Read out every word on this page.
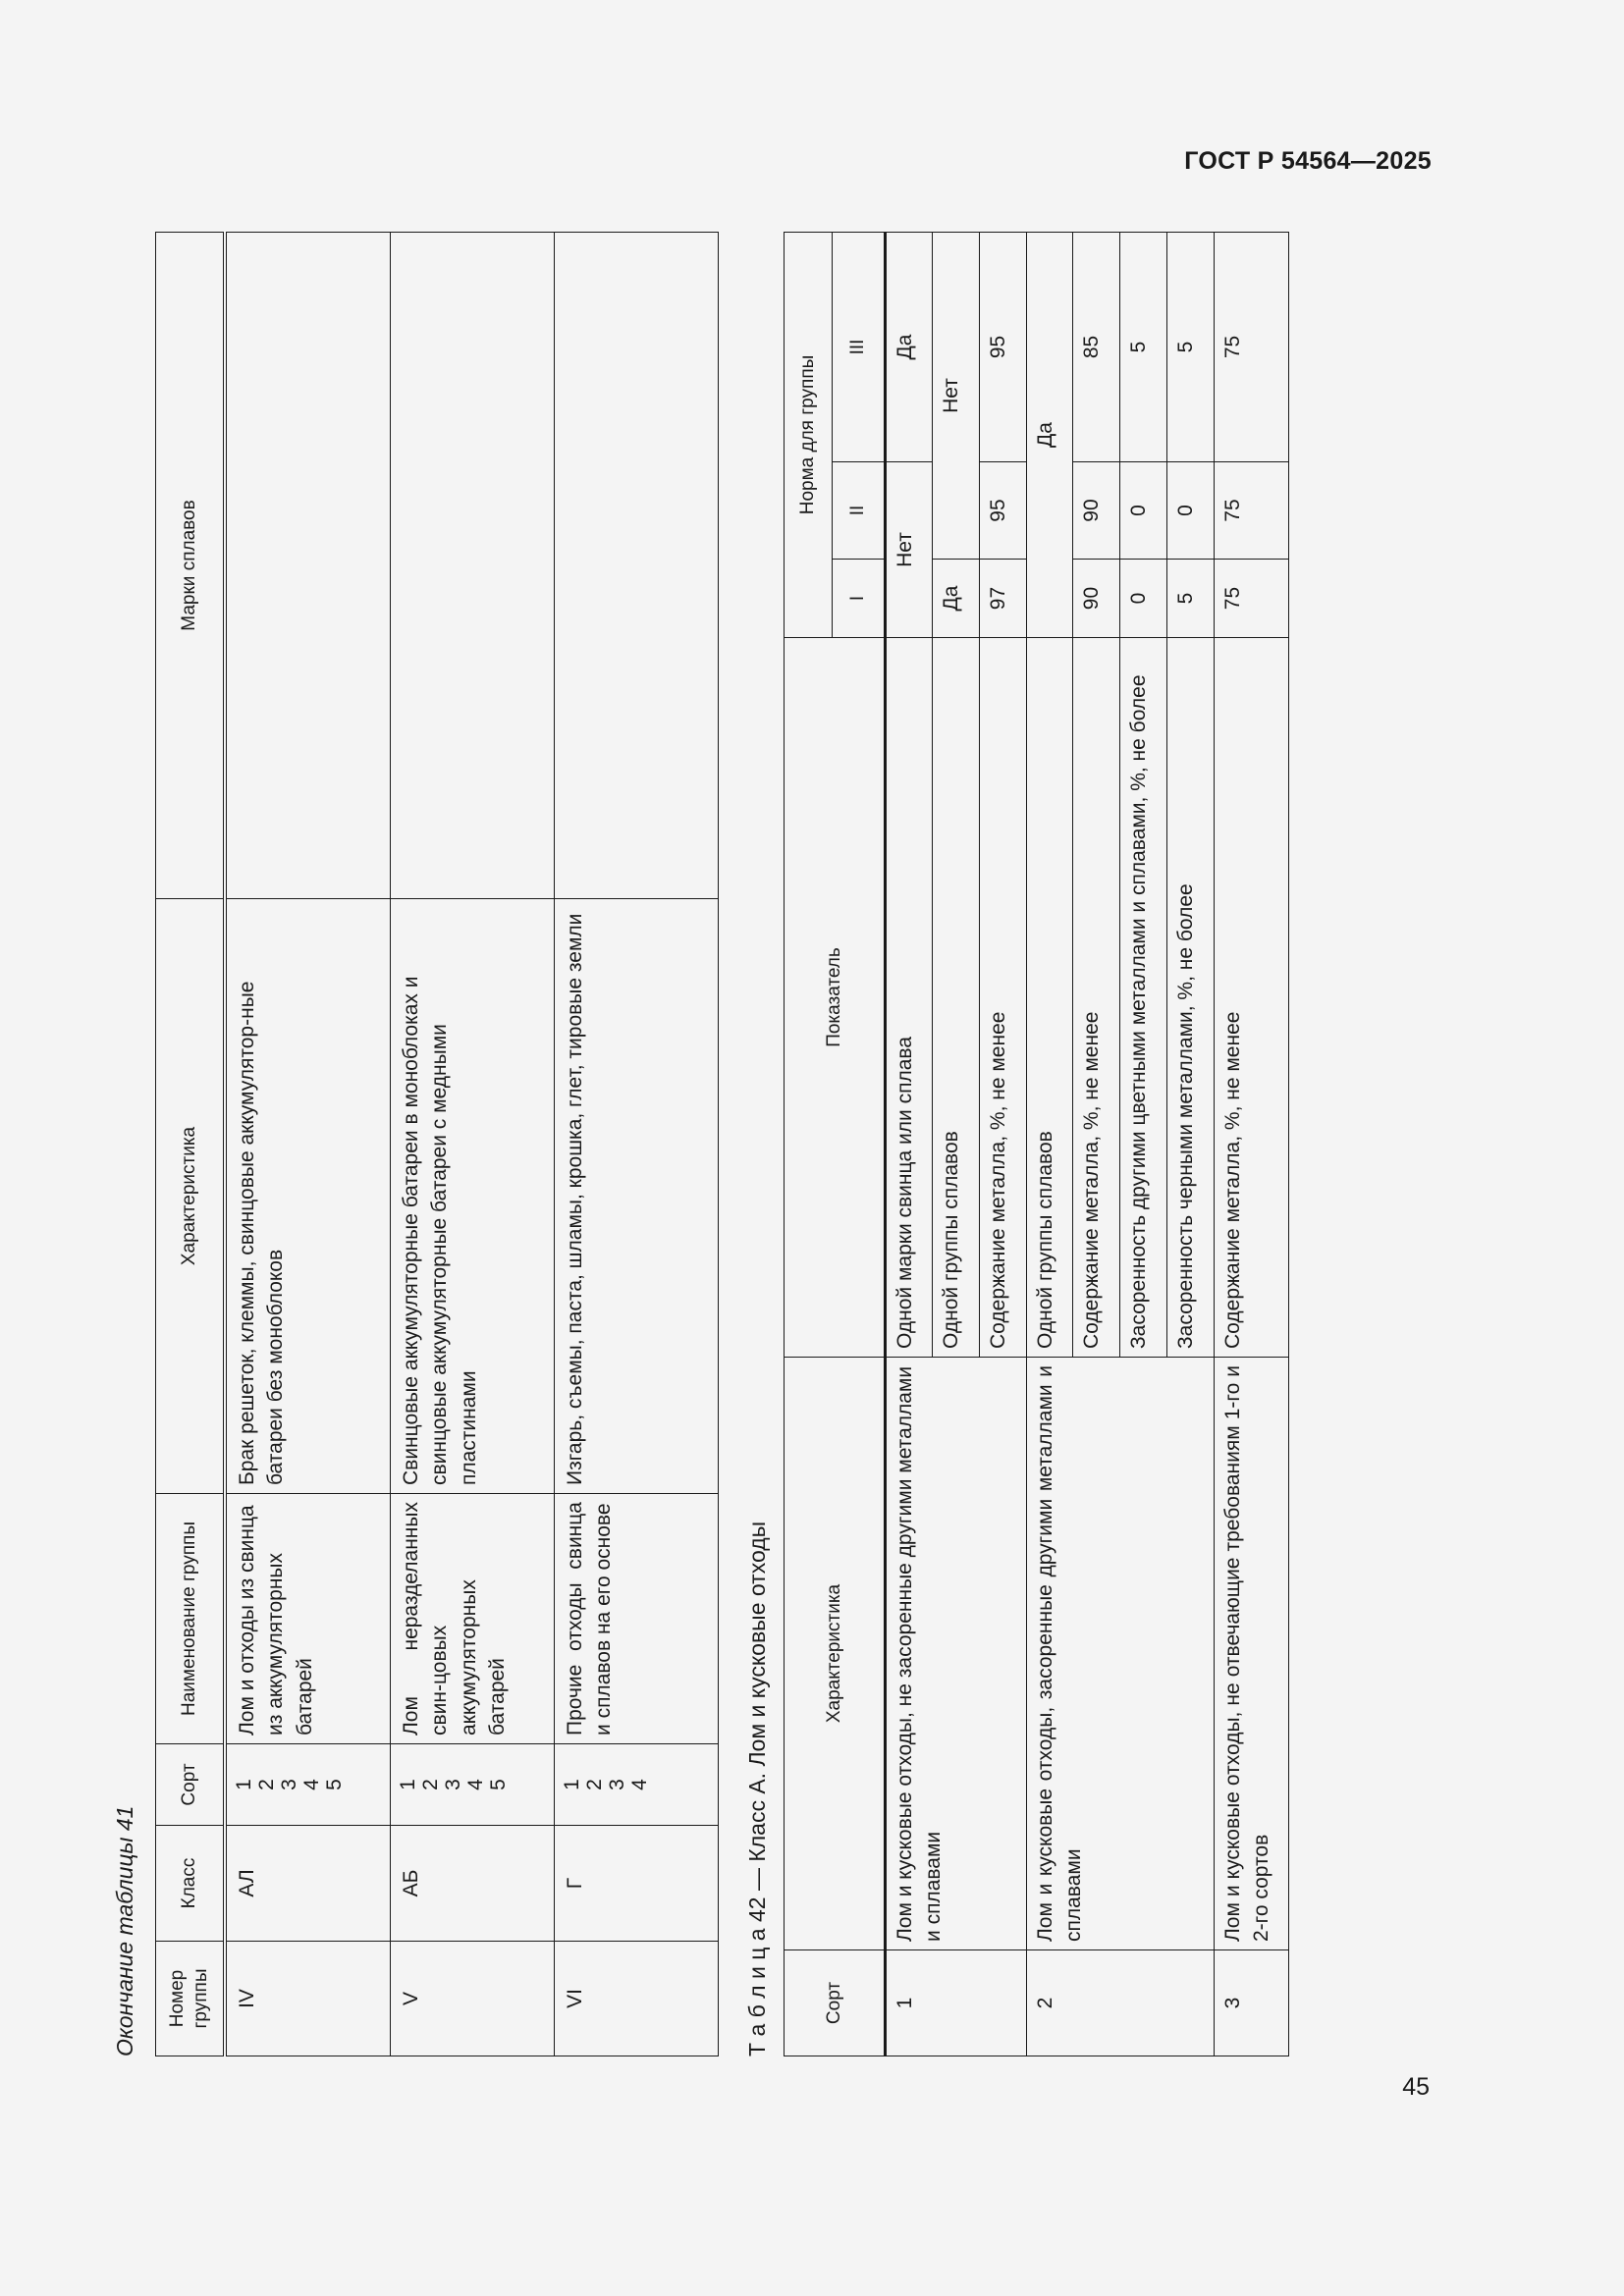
ГОСТ Р 54564—2025
45
Окончание таблицы 41 Номер группы	Класс	Сорт	Наименование группы	Характеристика	Марки сплавов
IV	АЛ	1
2
3
4
5	Лом и отходы из свинца из аккумуляторных батарей	Брак решеток, клеммы, свинцовые аккумулятор-ные батареи без моноблоков	
V	АБ	1
2
3
4
5	Лом неразделанных свин-цовых аккумуляторных батарей	Свинцовые аккумуляторные батареи в моноблоках и свинцовые аккумуляторные батареи с медными пластинами	
VI	Г	1
2
3
4	Прочие отходы свинца и сплавов на его основе	Изгарь, съемы, паста, шламы, крошка, глет, тировые земли	
Т а б л и ц а 42 — Класс А. Лом и кусковые отходы	Сорт	Характеристика	Показатель	Норма для группы		
			I	II	III
1	Лом и кусковые отходы, не засоренные другими металлами и сплавами	Одной марки свинца или сплава	Нет		Да
		Одной группы сплавов	Да	Нет	
		Содержание металла, %, не менее	97	95	95
2	Лом и кусковые отходы, засоренные другими металлами и сплавами	Одной группы сплавов	Да		
		Содержание металла, %, не менее	90	90	85
		Засоренность другими цветными металлами и сплавами, %, не более	0	0	5
		Засоренность черными металлами, %, не более	5	0	5
3	Лом и кусковые отходы, не отвечающие требованиям 1-го и 2-го сортов	Содержание металла, %, не менее	75	75	75
